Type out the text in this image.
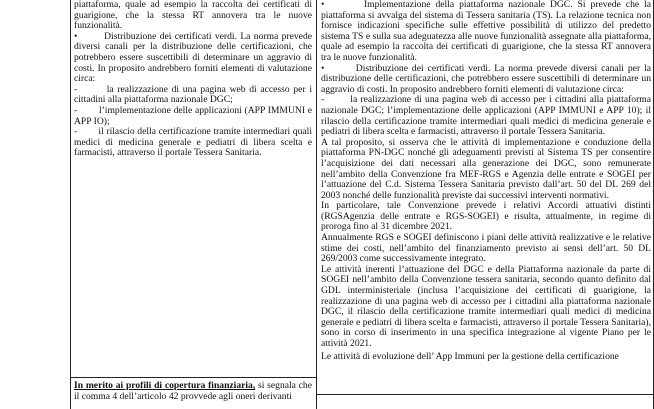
piattaforma, quale ad esempio la raccolta dei certificati di guarigione, che la stessa RT annovera tra le nuove funzionalità.

•        Distribuzione dei certificati verdi. La norma prevede diversi canali per la distribuzione delle certificazioni, che potrebbero essere suscettibili di determinare un aggravio di costi. In proposito andrebbero forniti elementi di valutazione circa:

-        la realizzazione di una pagina web di accesso per i cittadini alla piattaforma nazionale DGC;

-        l’implementazione delle applicazioni (APP IMMUNI e APP IO);

-        il rilascio della certificazione tramite intermediari quali medici di medicina generale e pediatri di libera scelta e farmacisti, attraverso il portale Tessera Sanitaria.

In merito ai profili di copertura finanziaria, si segnala che il comma 4 dell’articolo 42 provvede agli oneri derivanti

•        Implementazione della piattaforma nazionale DGC. Si prevede che la piattaforma si avvalga del sistema di Tessera sanitaria (TS). La relazione tecnica non fornisce indicazioni specifiche sulle effettive possibilità di utilizzo del predetto sistema TS e sulla sua adeguatezza alle nuove funzionalità assegnate alla piattaforma, quale ad esempio la raccolta dei certificati di guarigione, che la stessa RT annovera tra le nuove funzionalità.

•        Distribuzione dei certificati verdi. La norma prevede diversi canali per la distribuzione delle certificazioni, che potrebbero essere suscettibili di determinare un aggravio di costi. In proposito andrebbero forniti elementi di valutazione circa:

-        la realizzazione di una pagina web di accesso per i cittadini alla piattaforma nazionale DGC; l’implementazione delle applicazioni (APP IMMUNI e APP 10); il rilascio della certificazione tramite intermediari quali medici di medicina generale e pediatri di libera scelta e farmacisti, attraverso il portale Tessera Sanitaria.

A tal proposito, si osserva che le attività di implementazione e conduzione della piattaforma PN-DGC nonché gli adeguamenti previsti al Sistema TS per consentire l’acquisizione dei dati necessari alla generazione dei DGC, sono remunerate nell’ambito della Convenzione fra MEF-RGS e Agenzia delle entrate e SOGEI per l’attuazione del C.d. Sistema Tessera Sanitaria previsto dall’art. 50 del DL 269 del 2003 nonché delle funzionalità previste dai successivi interventi normativi.

In particolare, tale Convenzione prevede i relativi Accordi attuativi distinti (RGSAgenzia delle entrate e RGS-SOGEI) e risulta, attualmente, in regime di proroga fino al 31 dicembre 2021.

Annualmente RGS e SOGEI definiscono i piani delle attività realizzative e le relative stime dei costi, nell’ambito del finanziamento previsto ai sensi dell’art. 50 DL 269/2003 come successivamente integrato.

Le attività inerenti l’attuazione del DGC e della Piattaforma nazionale da parte di SOGEI nell’ambito della Convenzione tessera sanitaria, secondo quanto definito dal GDL interministeriale (inclusa l’acquisizione dei certificati di guarigione, la realizzazione di una pagina web di accesso per i cittadini alla piattaforma nazionale DGC, il rilascio della certificazione tramite intermediari quali medici di medicina generale e pediatri di libera scelta e farmacisti, attraverso il portale Tessera Sanitaria), sono in corso di inserimento in una specifica integrazione al vigente Piano per le attività 2021.

Le attività di evoluzione dell’ App Immuni per la gestione della certificazione
